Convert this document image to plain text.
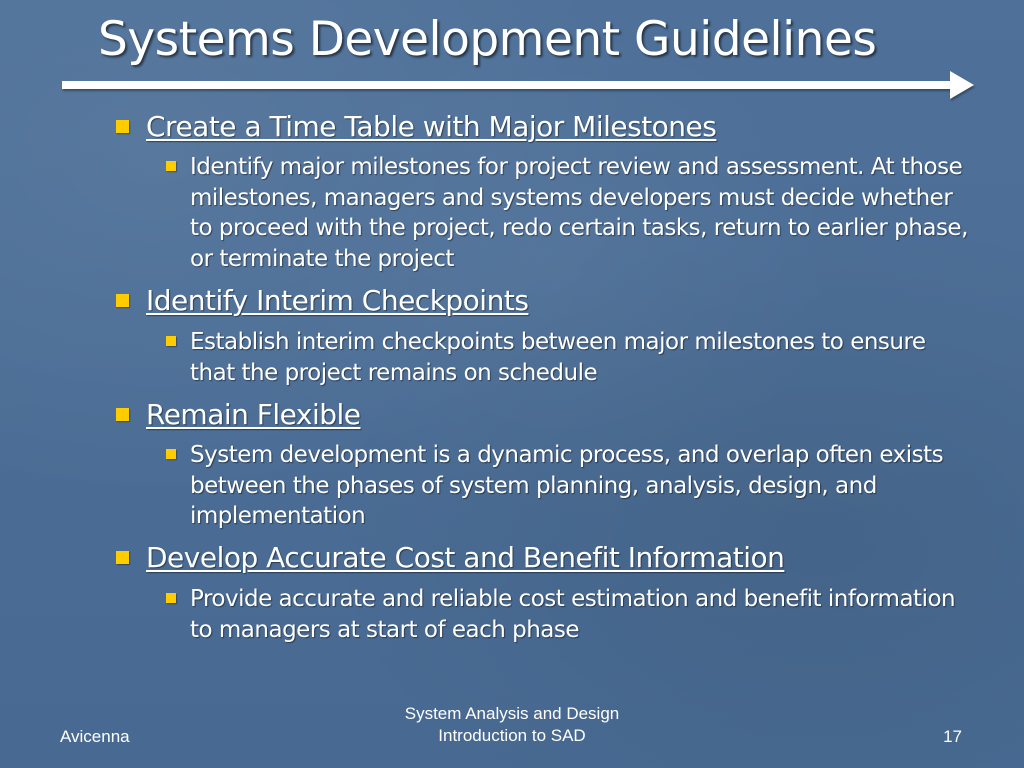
Systems Development Guidelines
Create a Time Table with Major Milestones
Identify major milestones for project review and assessment. At those milestones, managers and systems developers must decide whether to proceed with the project, redo certain tasks, return to earlier phase, or terminate the project
Identify Interim Checkpoints
Establish interim checkpoints between major milestones to ensure that the project remains on schedule
Remain Flexible
System development is a dynamic process, and overlap often exists between the phases of system planning, analysis, design, and implementation
Develop Accurate Cost and Benefit Information
Provide accurate and reliable cost estimation and benefit information to managers at start of each phase
Avicenna
System Analysis and Design
Introduction to SAD	17
